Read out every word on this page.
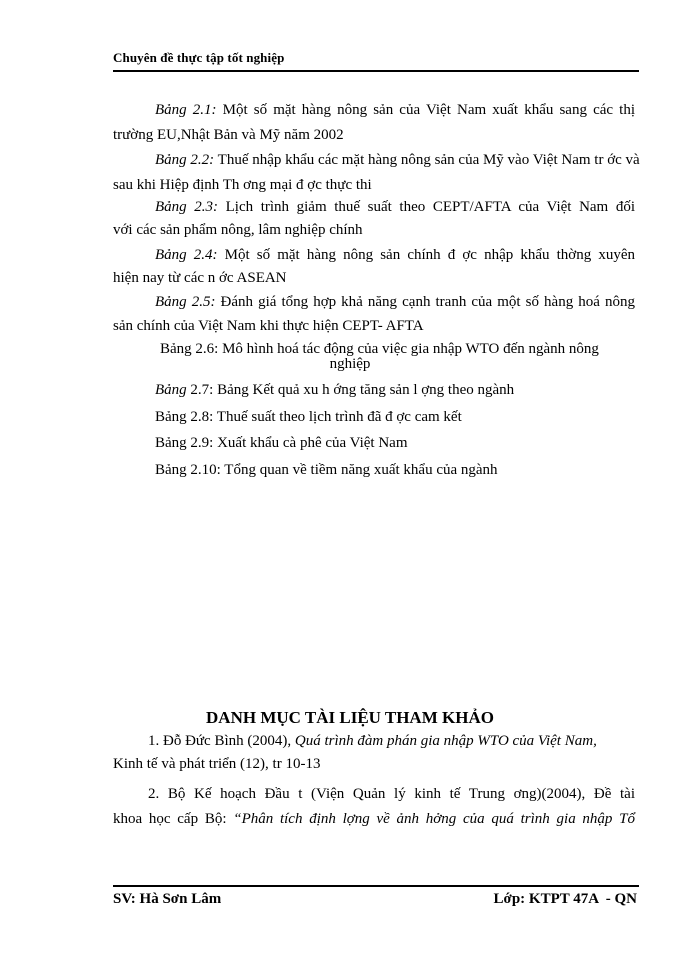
Chuyên đề thực tập tốt nghiệp
Bảng 2.1: Một số mặt hàng nông sản của Việt Nam xuất khẩu sang các thị
trường EU,Nhật Bản và Mỹ năm 2002
Bảng 2.2: Thuế nhập khẩu các mặt hàng nông sản của Mỹ vào Việt Nam tr ớc và
sau khi Hiệp định Th ơng mại đ ợc thực thi
Bảng 2.3: Lịch trình giảm thuế suất theo CEPT/AFTA của Việt Nam đối
với các sản phẩm nông, lâm nghiệp chính
Bảng 2.4: Một số mặt hàng nông sản chính đ ợc nhập khẩu thờng xuyên
hiện nay từ các n ớc ASEAN
Bảng 2.5: Đánh giá tổng hợp khả năng cạnh tranh của một số hàng hoá nông
sản chính của Việt Nam khi thực hiện CEPT- AFTA
Bảng 2.6: Mô hình hoá tác động của việc gia nhập WTO đến ngành nông
nghiệp
Bảng 2.7: Bảng Kết quả xu h ớng tăng sản l ợng theo ngành
Bảng 2.8: Thuế suất theo lịch trình đã đ ợc cam kết
Bảng 2.9: Xuất khẩu cà phê của Việt Nam
Bảng 2.10: Tổng quan về tiềm năng xuất khẩu của ngành
DANH MỤC TÀI LIỆU THAM KHẢO
1. Đỗ Đức Bình (2004), Quá trình đàm phán gia nhập WTO của Việt Nam,
Kinh tế và phát triển (12), tr 10-13
2. Bộ Kế hoạch Đầu t (Viện Quản lý kinh tế Trung ơng)(2004), Đề tài
khoa học cấp Bộ: “Phân tích định lợng về ảnh hởng của quá trình gia nhập Tổ
SV: Hà Sơn Lâm	Lớp: KTPT 47A  - QN
